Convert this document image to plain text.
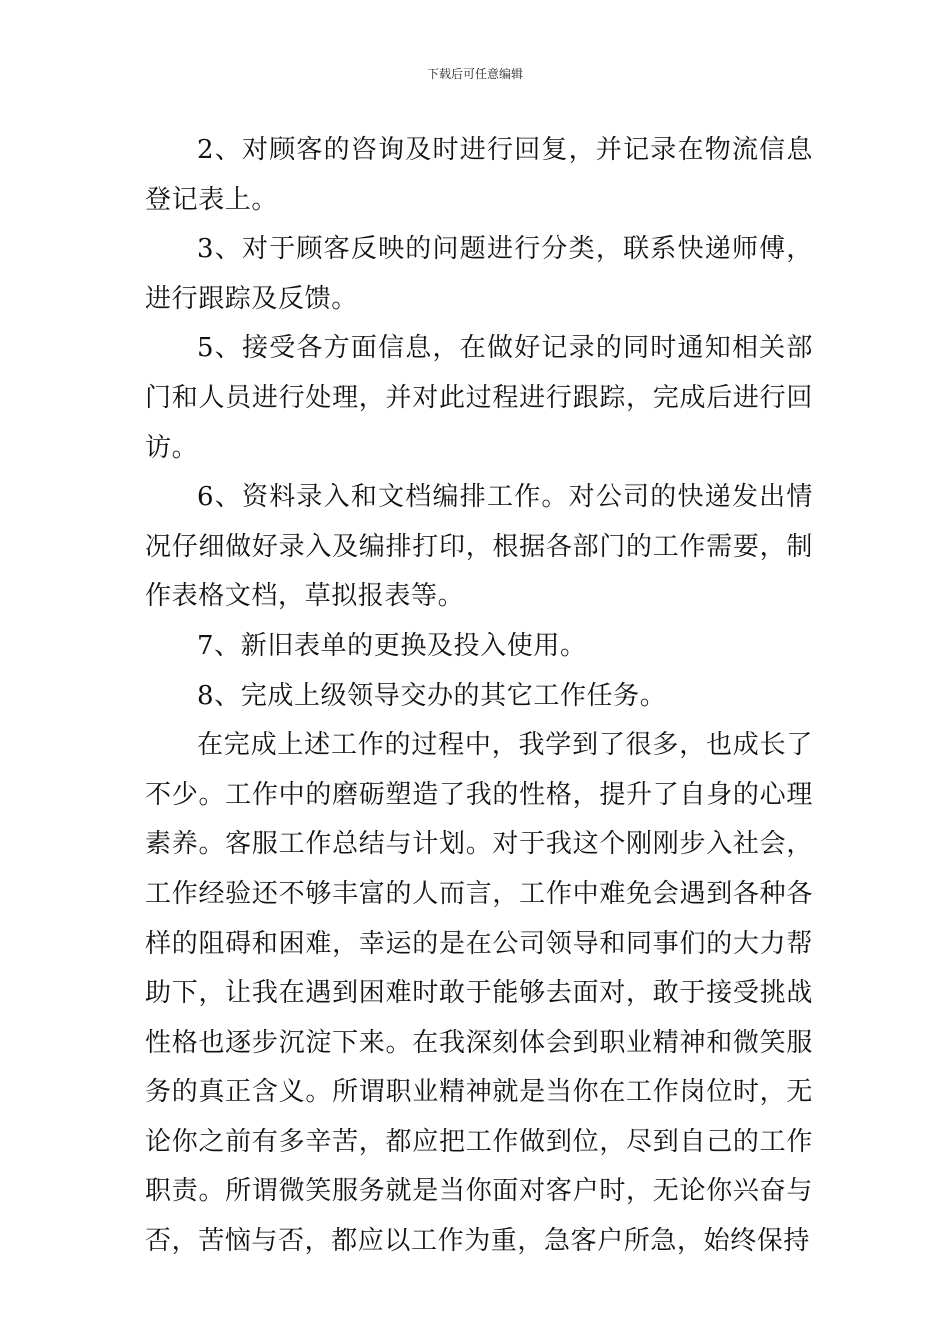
下载后可任意编辑

2、对顾客的咨询及时进行回复，并记录在物流信息登记表上。

3、对于顾客反映的问题进行分类，联系快递师傅，进行跟踪及反馈。

5、接受各方面信息，在做好记录的同时通知相关部门和人员进行处理，并对此过程进行跟踪，完成后进行回访。

6、资料录入和文档编排工作。对公司的快递发出情况仔细做好录入及编排打印，根据各部门的工作需要，制作表格文档，草拟报表等。

7、新旧表单的更换及投入使用。

8、完成上级领导交办的其它工作任务。

在完成上述工作的过程中，我学到了很多，也成长了不少。工作中的磨砺塑造了我的性格，提升了自身的心理素养。客服工作总结与计划。对于我这个刚刚步入社会，工作经验还不够丰富的人而言，工作中难免会遇到各种各样的阻碍和困难，幸运的是在公司领导和同事们的大力帮助下，让我在遇到困难时敢于能够去面对，敢于接受挑战性格也逐步沉淀下来。在我深刻体会到职业精神和微笑服务的真正含义。所谓职业精神就是当你在工作岗位时，无论你之前有多辛苦，都应把工作做到位，尽到自己的工作职责。所谓微笑服务就是当你面对客户时，无论你兴奋与否，苦恼与否，都应以工作为重，急客户所急，始终保持
